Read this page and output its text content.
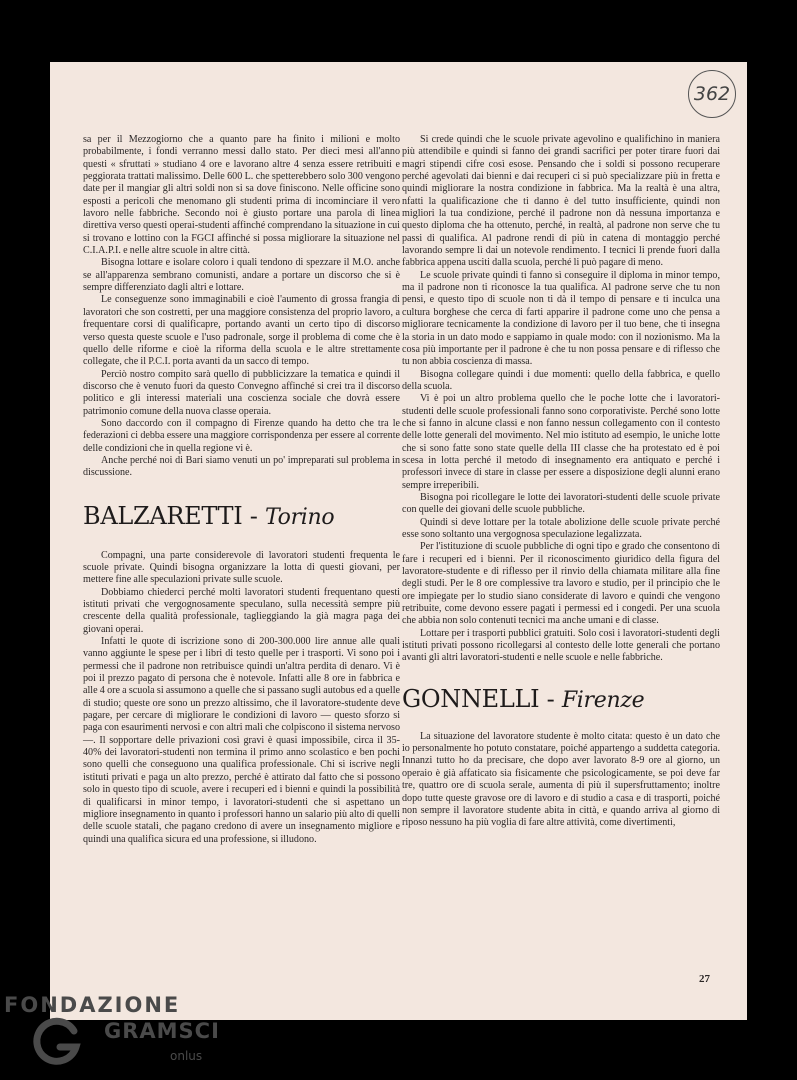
362

sa per il Mezzogiorno che a quanto pare ha finito i milioni e molto probabilmente, i fondi verranno messi dallo stato. Per dieci mesi all'anno questi « sfruttati » studiano 4 ore e lavorano altre 4 senza essere retribuiti e peggiorata trattati malissimo. Delle 600 L. che spetterebbero solo 300 vengono date per il mangiar gli altri soldi non si sa dove finiscono. Nelle officine sono esposti a pericoli che menomano gli studenti prima di incominciare il vero lavoro nelle fabbriche. Secondo noi è giusto portare una parola di linea direttiva verso questi operai-studenti affinché comprendano la situazione in cui si trovano e lottino con la FGCI affinché si possa migliorare la situazione nel C.I.A.P.I. e nelle altre scuole in altre città.

Bisogna lottare e isolare coloro i quali tendono di spezzare il M.O. anche se all'apparenza sembrano comunisti, andare a portare un discorso che si è sempre differenziato dagli altri e lottare.

Le conseguenze sono immaginabili e cioè l'aumento di grossa frangia di lavoratori che son costretti, per una maggiore consistenza del proprio lavoro, a frequentare corsi di qualificapre, portando avanti un certo tipo di discorso verso questa queste scuole e l'uso padronale, sorge il problema di come che è quello delle riforme e cioè la riforma della scuola e le altre strettamente collegate, che il P.C.I. porta avanti da un sacco di tempo.

Perciò nostro compito sarà quello di pubblicizzare la tematica e quindi il discorso che è venuto fuori da questo Convegno affinché si crei tra il discorso politico e gli interessi materiali una coscienza sociale che dovrà essere patrimonio comune della nuova classe operaia.

Sono daccordo con il compagno di Firenze quando ha detto che tra le federazioni ci debba essere una maggiore corrispondenza per essere al corrente delle condizioni che in quella regione vi è.

Anche perché noi di Bari siamo venuti un po' impreparati sul problema in discussione.

BALZARETTI - Torino

Compagni, una parte considerevole di lavoratori studenti frequenta le scuole private. Quindi bisogna organizzare la lotta di questi giovani, per mettere fine alle speculazioni private sulle scuole.

Dobbiamo chiederci perché molti lavoratori studenti frequentano questi istituti privati che vergognosamente speculano, sulla necessità sempre più crescente della qualità professionale, taglieggiando la già magra paga dei giovani operai.

Infatti le quote di iscrizione sono di 200-300.000 lire annue alle quali vanno aggiunte le spese per i libri di testo quelle per i trasporti. Vi sono poi i permessi che il padrone non retribuisce quindi un'altra perdita di denaro. Vi è poi il prezzo pagato di persona che è notevole. Infatti alle 8 ore in fabbrica e alle 4 ore a scuola si assumono a quelle che si passano sugli autobus ed a quelle di studio; queste ore sono un prezzo altissimo, che il lavoratore-studente deve pagare, per cercare di migliorare le condizioni di lavoro — questo sforzo si paga con esaurimenti nervosi e con altri mali che colpiscono il sistema nervoso —. Il sopportare delle privazioni così gravi è quasi impossibile, circa il 35-40% dei lavoratori-studenti non termina il primo anno scolastico e ben pochi sono quelli che conseguono una qualifica professionale. Chi si iscrive negli istituti privati e paga un alto prezzo, perché è attirato dal fatto che si possono solo in questo tipo di scuole, avere i recuperi ed i bienni e quindi la possibilità di qualificarsi in minor tempo, i lavoratori-studenti che si aspettano un migliore insegnamento in quanto i professori hanno un salario più alto di quelli delle scuole statali, che pagano credono di avere un insegnamento migliore e quindi una qualifica sicura ed una professione, si illudono.

Si crede quindi che le scuole private agevolino e qualifichino in maniera più attendibile e quindi si fanno dei grandi sacrifici per poter tirare fuori dai magri stipendi cifre così esose. Pensando che i soldi si possono recuperare perché agevolati dai bienni e dai recuperi ci si può specializzare più in fretta e quindi migliorare la nostra condizione in fabbrica. Ma la realtà è una altra, nfatti la qualificazione che ti danno è del tutto insufficiente, quindi non migliori la tua condizione, perché il padrone non dà nessuna importanza e questo diploma che ha ottenuto, perché, in realtà, al padrone non serve che tu passi di qualifica. Al padrone rendi di più in catena di montaggio perché lavorando sempre lì dai un notevole rendimento. I tecnici li prende fuori dalla fabbrica appena usciti dalla scuola, perché li può pagare di meno.

Le scuole private quindi ti fanno sì conseguire il diploma in minor tempo, ma il padrone non ti riconosce la tua qualifica. Al padrone serve che tu non pensi, e questo tipo di scuole non ti dà il tempo di pensare e ti inculca una cultura borghese che cerca di farti apparire il padrone come uno che pensa a migliorare tecnicamente la condizione di lavoro per il tuo bene, che ti insegna la storia in un dato modo e sappiamo in quale modo: con il nozionismo. Ma la cosa più importante per il padrone è che tu non possa pensare e di riflesso che tu non abbia coscienza di massa.

Bisogna collegare quindi i due momenti: quello della fabbrica, e quello della scuola.

Vi è poi un altro problema quello che le poche lotte che i lavoratori-studenti delle scuole professionali fanno sono corporativiste. Perché sono lotte che si fanno in alcune classi e non fanno nessun collegamento con il contesto delle lotte generali del movimento. Nel mio istituto ad esempio, le uniche lotte che si sono fatte sono state quelle della III classe che ha protestato ed è poi scesa in lotta perché il metodo di insegnamento era antiquato e perché i professori invece di stare in classe per essere a disposizione degli alunni erano sempre irreperibili.

Bisogna poi ricollegare le lotte dei lavoratori-studenti delle scuole private con quelle dei giovani delle scuole pubbliche.

Quindi si deve lottare per la totale abolizione delle scuole private perché esse sono soltanto una vergognosa speculazione legalizzata.

Per l'istituzione di scuole pubbliche di ogni tipo e grado che consentono di fare i recuperi ed i bienni. Per il riconoscimento giuridico della figura del lavoratore-studente e di riflesso per il rinvio della chiamata militare alla fine degli studi. Per le 8 ore complessive tra lavoro e studio, per il principio che le ore impiegate per lo studio siano considerate di lavoro e quindi che vengono retribuite, come devono essere pagati i permessi ed i congedi. Per una scuola che abbia non solo contenuti tecnici ma anche umani e di classe.

Lottare per i trasporti pubblici gratuiti. Solo così i lavoratori-studenti degli istituti privati possono ricollegarsi al contesto delle lotte generali che portano avanti gli altri lavoratori-studenti e nelle scuole e nelle fabbriche.

GONNELLI - Firenze

La situazione del lavoratore studente è molto citata: questo è un dato che io personalmente ho potuto constatare, poiché appartengo a suddetta categoria. Innanzi tutto ho da precisare, che dopo aver lavorato 8-9 ore al giorno, un operaio è già affaticato sia fisicamente che psicologicamente, se poi deve far tre, quattro ore di scuola serale, aumenta di più il supersfruttamento; inoltre dopo tutte queste gravose ore di lavoro e di studio a casa e di trasporti, poiché non sempre il lavoratore studente abita in città, e quando arriva al giorno di riposo nessuno ha più voglia di fare altre attività, come divertimenti,

27
FONDAZIONE
GRAMSCI
onlus
